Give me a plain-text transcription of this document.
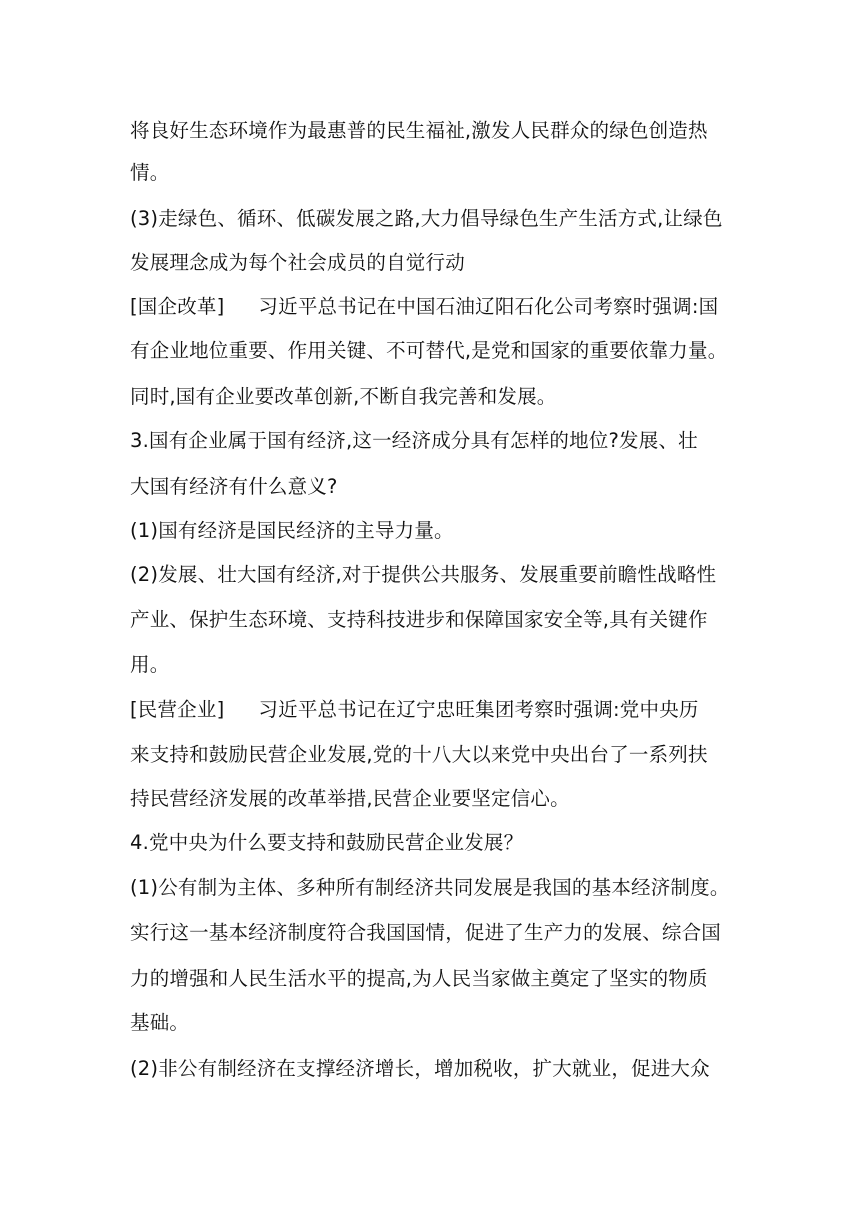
将良好生态环境作为最惠普的民生福祉,激发人民群众的绿色创造热
情。
(3)走绿色、循环、低碳发展之路,大力倡导绿色生产生活方式,让绿色
发展理念成为每个社会成员的自觉行动
[国企改革] 习近平总书记在中国石油辽阳石化公司考察时强调:国
有企业地位重要、作用关键、不可替代,是党和国家的重要依靠力量。
同时,国有企业要改革创新,不断自我完善和发展。
3.国有企业属于国有经济,这一经济成分具有怎样的地位?发展、壮
大国有经济有什么意义?
(1)国有经济是国民经济的主导力量。
(2)发展、壮大国有经济,对于提供公共服务、发展重要前瞻性战略性
产业、保护生态环境、支持科技进步和保障国家安全等,具有关键作
用。
[民营企业] 习近平总书记在辽宁忠旺集团考察时强调:党中央历
来支持和鼓励民营企业发展,党的十八大以来党中央出台了一系列扶
持民营经济发展的改革举措,民营企业要坚定信心。
4.党中央为什么要支持和鼓励民营企业发展？
(1)公有制为主体、多种所有制经济共同发展是我国的基本经济制度。
实行这一基本经济制度符合我国国情，促进了生产力的发展、综合国
力的增强和人民生活水平的提高,为人民当家做主奠定了坚实的物质
基础。
(2)非公有制经济在支撑经济增长，增加税收，扩大就业，促进大众
